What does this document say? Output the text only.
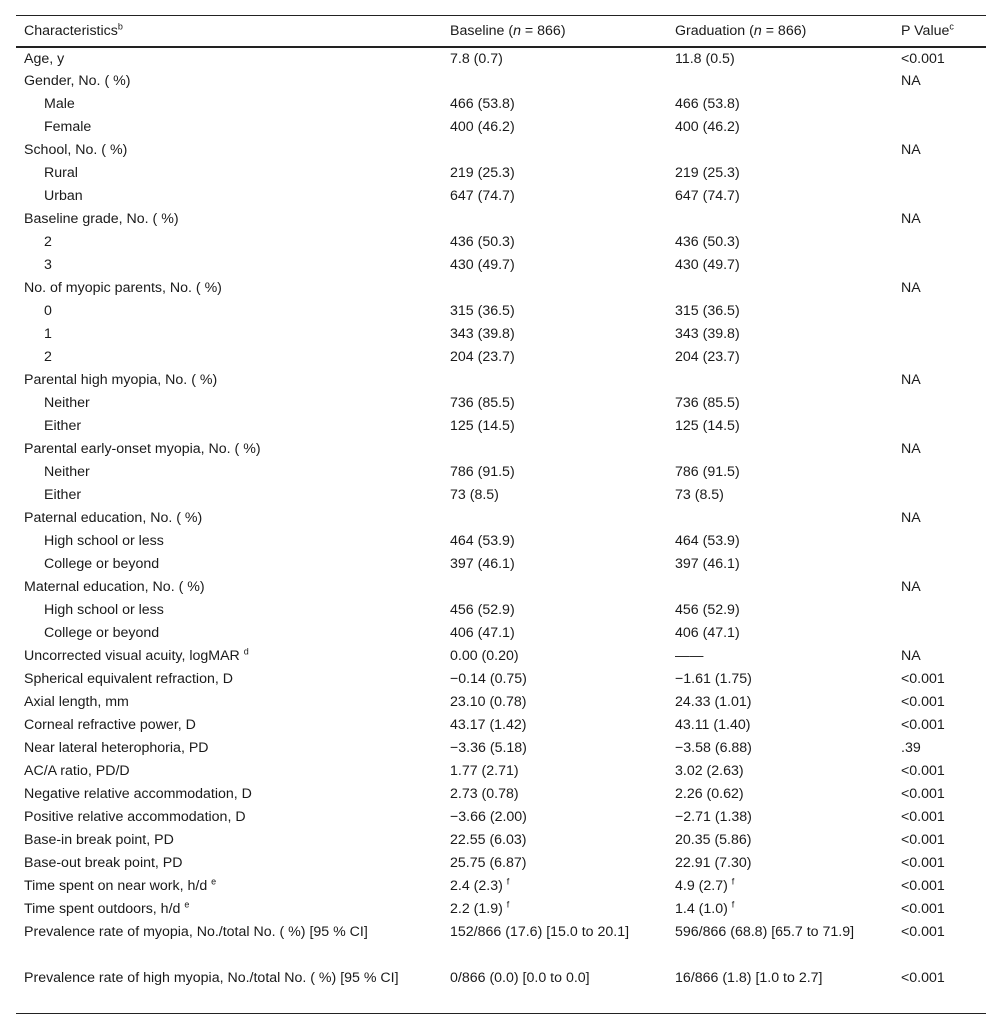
Characteristics$^b$	Baseline (n = 866)	Graduation (n = 866)	P Value$^c$
Age, y	7.8 (0.7)	11.8 (0.5)	<0.001
Gender, No. ( %)			NA
Male	466 (53.8)	466 (53.8)	
Female	400 (46.2)	400 (46.2)	
School, No. ( %)			NA
Rural	219 (25.3)	219 (25.3)	
Urban	647 (74.7)	647 (74.7)	
Baseline grade, No. ( %)			NA
2	436 (50.3)	436 (50.3)	
3	430 (49.7)	430 (49.7)	
No. of myopic parents, No. ( %)			NA
0	315 (36.5)	315 (36.5)	
1	343 (39.8)	343 (39.8)	
2	204 (23.7)	204 (23.7)	
Parental high myopia, No. ( %)			NA
Neither	736 (85.5)	736 (85.5)	
Either	125 (14.5)	125 (14.5)	
Parental early-onset myopia, No. ( %)			NA
Neither	786 (91.5)	786 (91.5)	
Either	73 (8.5)	73 (8.5)	
Paternal education, No. ( %)			NA
High school or less	464 (53.9)	464 (53.9)	
College or beyond	397 (46.1)	397 (46.1)	
Maternal education, No. ( %)			NA
High school or less	456 (52.9)	456 (52.9)	
College or beyond	406 (47.1)	406 (47.1)	
Uncorrected visual acuity, logMAR $^d$	0.00 (0.20)	——	NA
Spherical equivalent refraction, D	−0.14 (0.75)	−1.61 (1.75)	<0.001
Axial length, mm	23.10 (0.78)	24.33 (1.01)	<0.001
Corneal refractive power, D	43.17 (1.42)	43.11 (1.40)	<0.001
Near lateral heterophoria, PD	−3.36 (5.18)	−3.58 (6.88)	.39
AC/A ratio, PD/D	1.77 (2.71)	3.02 (2.63)	<0.001
Negative relative accommodation, D	2.73 (0.78)	2.26 (0.62)	<0.001
Positive relative accommodation, D	−3.66 (2.00)	−2.71 (1.38)	<0.001
Base-in break point, PD	22.55 (6.03)	20.35 (5.86)	<0.001
Base-out break point, PD	25.75 (6.87)	22.91 (7.30)	<0.001
Time spent on near work, h/d $^e$	2.4 (2.3) $^f$	4.9 (2.7) $^f$	<0.001
Time spent outdoors, h/d $^e$	2.2 (1.9) $^f$	1.4 (1.0) $^f$	<0.001
Prevalence rate of myopia, No./total No. ( %) [95 % CI]	152/866 (17.6) [15.0 to 20.1]	596/866 (68.8) [65.7 to 71.9]	<0.001
Prevalence rate of high myopia, No./total No. ( %) [95 % CI]	0/866 (0.0) [0.0 to 0.0]	16/866 (1.8) [1.0 to 2.7]	<0.001
